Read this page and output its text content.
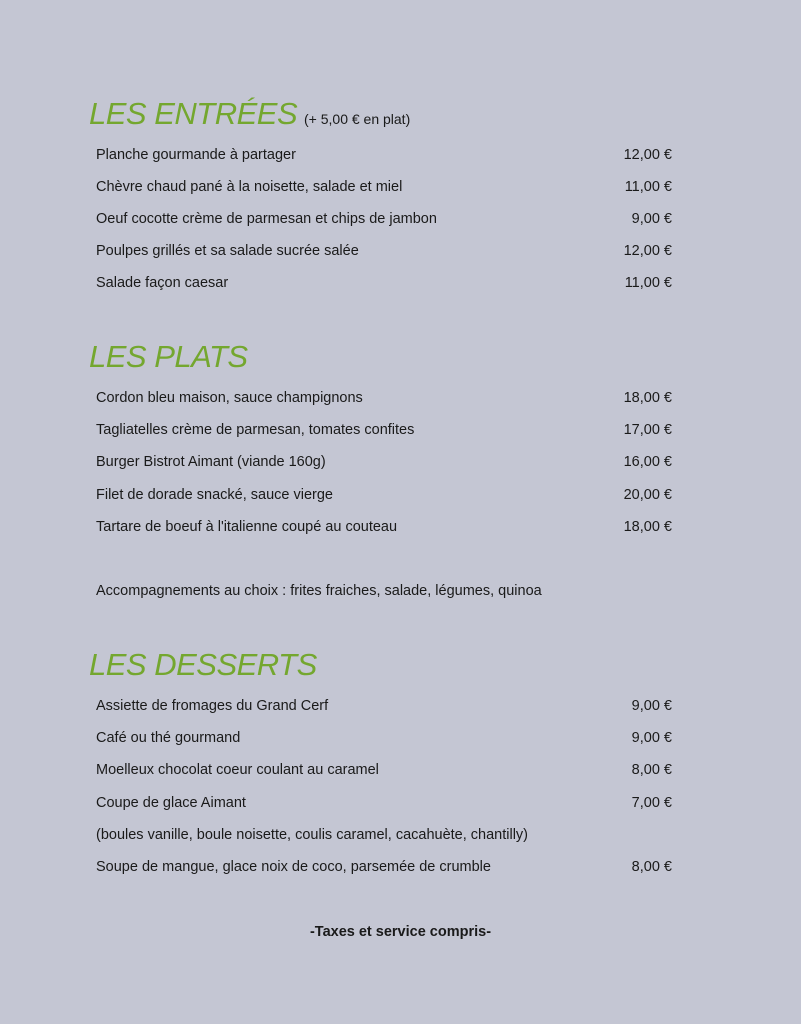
LES ENTRÉES (+ 5,00 € en plat)
Planche gourmande à partager	12,00 €
Chèvre chaud pané à la noisette, salade et miel	11,00 €
Oeuf cocotte crème de parmesan et chips de jambon	9,00 €
Poulpes grillés et sa salade sucrée salée	12,00 €
Salade façon caesar	11,00 €
LES PLATS
Cordon bleu maison, sauce champignons	18,00 €
Tagliatelles crème de parmesan, tomates confites	17,00 €
Burger Bistrot Aimant (viande 160g)	16,00 €
Filet de dorade snacké, sauce vierge	20,00 €
Tartare de boeuf à l'italienne coupé au couteau	18,00 €
Accompagnements au choix : frites fraiches, salade, légumes, quinoa
LES DESSERTS
Assiette de fromages du Grand Cerf	9,00 €
Café ou thé gourmand	9,00 €
Moelleux chocolat coeur coulant au caramel	8,00 €
Coupe de glace Aimant	7,00 €
(boules vanille, boule noisette, coulis caramel, cacahuète, chantilly)
Soupe de mangue, glace noix de coco, parsemée de crumble	8,00 €
-Taxes et service compris-
